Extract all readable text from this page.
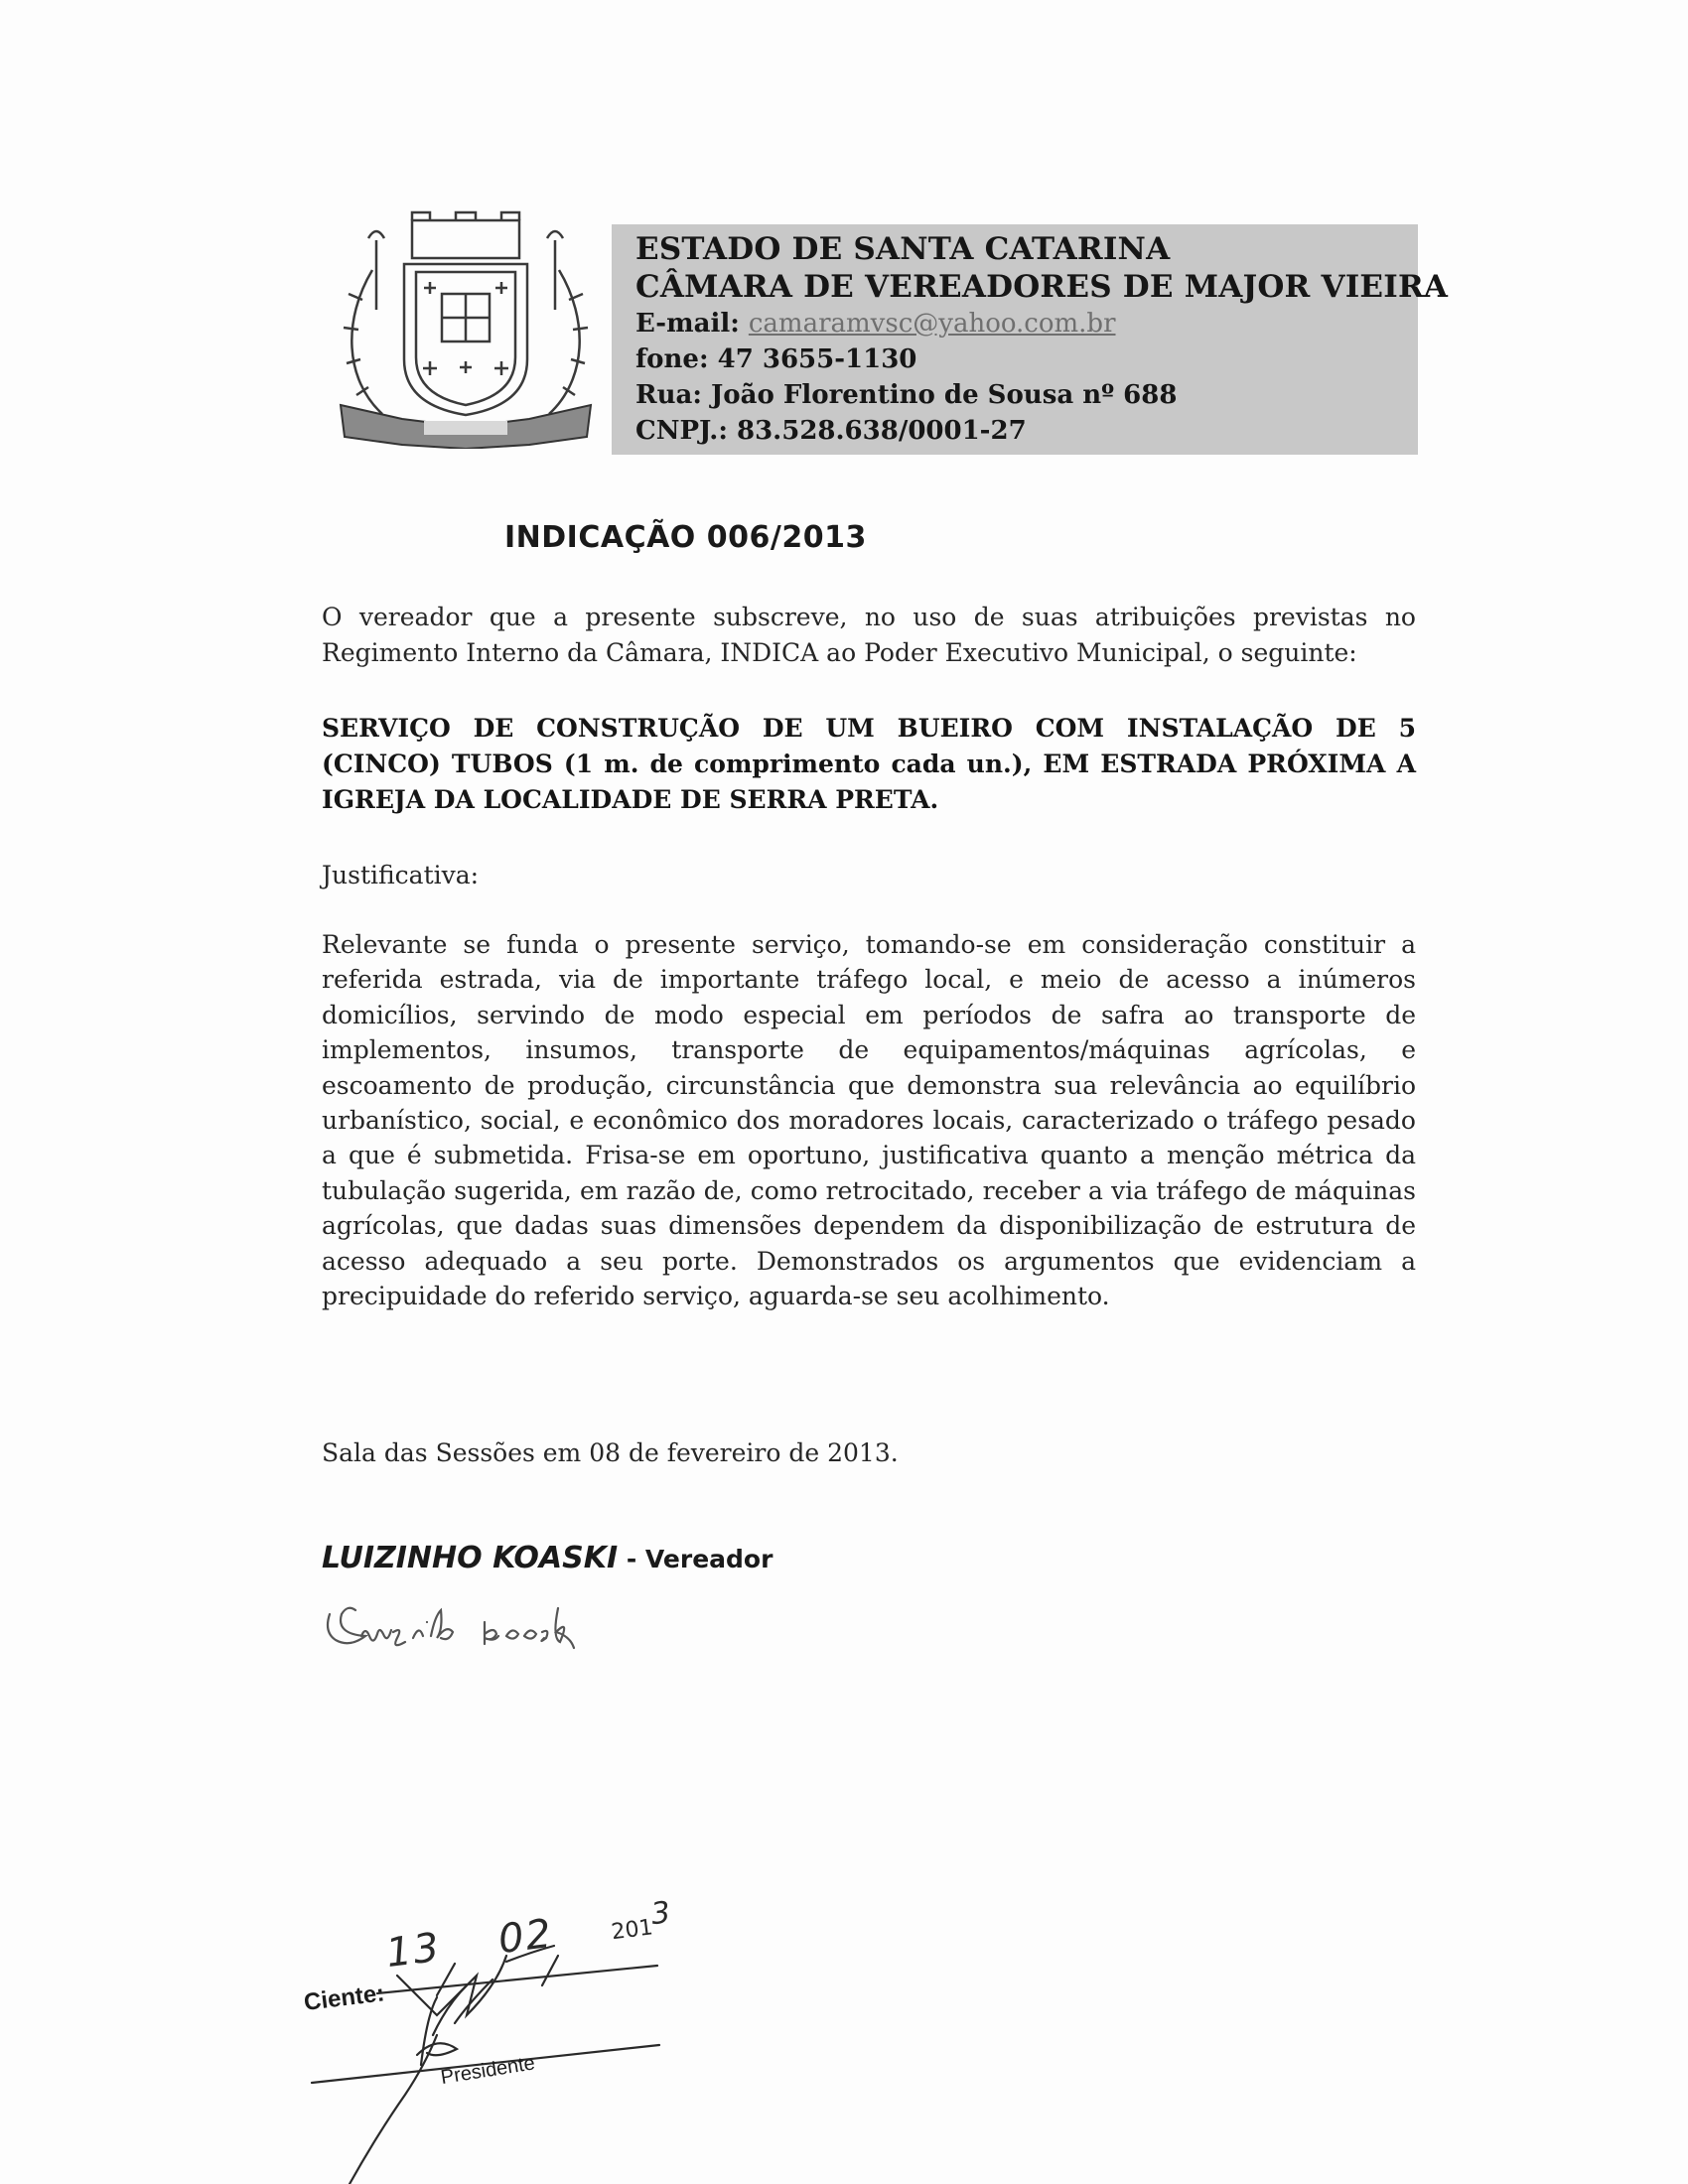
ESTADO DE SANTA CATARINA
CÂMARA DE VEREADORES DE MAJOR VIEIRA
E-mail: camaramvsc@yahoo.com.br
fone: 47 3655-1130
Rua: João Florentino de Sousa nº 688
CNPJ.: 83.528.638/0001-27
INDICAÇÃO 006/2013
O vereador que a presente subscreve, no uso de suas atribuições previstas no Regimento Interno da Câmara, INDICA ao Poder Executivo Municipal, o seguinte:
SERVIÇO DE CONSTRUÇÃO DE UM BUEIRO COM INSTALAÇÃO DE 5 (CINCO) TUBOS (1 m. de comprimento cada un.), EM ESTRADA PRÓXIMA A IGREJA DA LOCALIDADE DE SERRA PRETA.
Justificativa:
Relevante se funda o presente serviço, tomando-se em consideração constituir a referida estrada, via de importante tráfego local, e meio de acesso a inúmeros domicílios, servindo de modo especial em períodos de safra ao transporte de implementos, insumos, transporte de equipamentos/máquinas agrícolas, e escoamento de produção, circunstância que demonstra sua relevância ao equilíbrio urbanístico, social, e econômico dos moradores locais, caracterizado o tráfego pesado a que é submetida. Frisa-se em oportuno, justificativa quanto a menção métrica da tubulação sugerida, em razão de, como retrocitado, receber a via tráfego de máquinas agrícolas, que dadas suas dimensões dependem da disponibilização de estrutura de acesso adequado a seu porte. Demonstrados os argumentos que evidenciam a precipuidade do referido serviço, aguarda-se seu acolhimento.
Sala das Sessões em 08 de fevereiro de 2013.
LUIZINHO KOASKI - Vereador
Ciente:
13 02 $201^3$
Presidente
